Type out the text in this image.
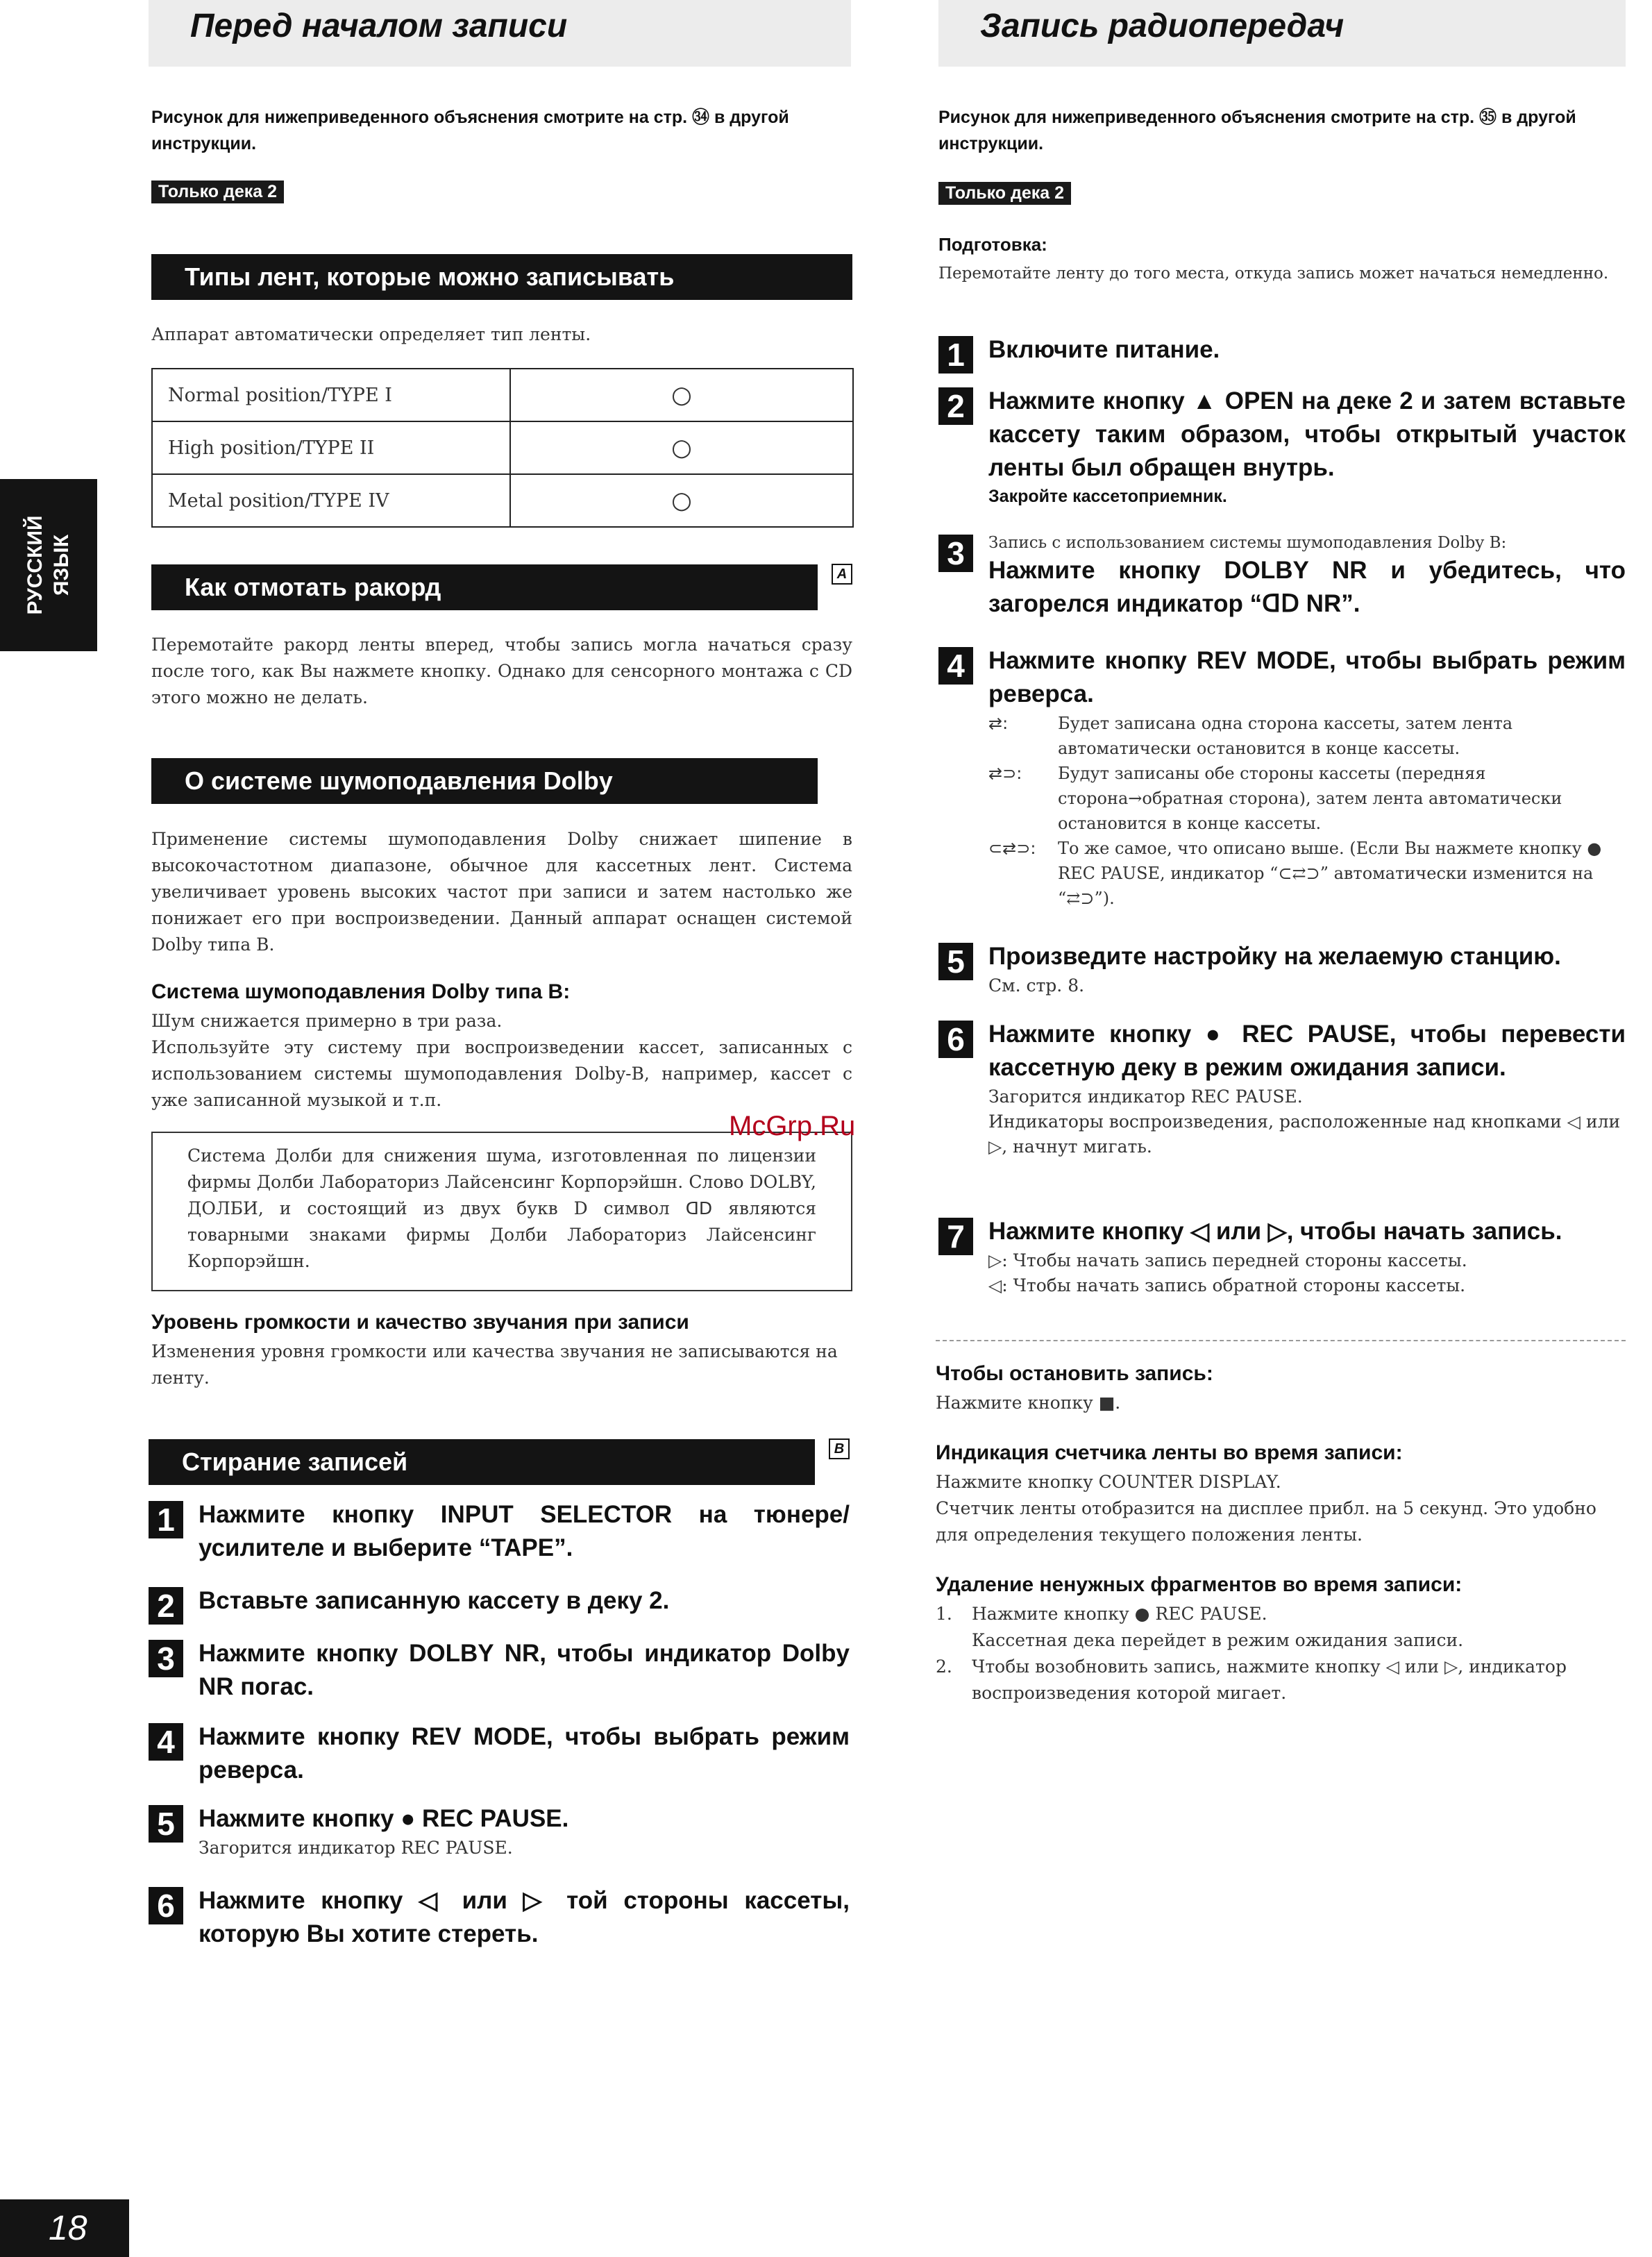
Перед началом записи	Запись радиопередач
РУССКИЙ ЯЗЫК
Рисунок для нижеприведенного объяснения смотрите на стр. ㉞ в другой инструкции.
Только дека 2
Типы лент, которые можно записывать
Аппарат автоматически определяет тип ленты.
Normal position/TYPE I	○
High position/TYPE II	○
Metal position/TYPE IV	○
Как отмотать ракорд	A
Перемотайте ракорд ленты вперед, чтобы запись могла начаться сразу после того, как Вы нажмете кнопку. Однако для сенсорного монтажа с CD этого можно не делать.
О системе шумоподавления Dolby
Применение системы шумоподавления Dolby снижает шипение в высокочастотном диапазоне, обычное для кассетных лент. Система увеличивает уровень высоких частот при записи и затем настолько же понижает его при воспроизведении. Данный аппарат оснащен системой Dolby типа B.
Система шумоподавления Dolby типа B:
Шум снижается примерно в три раза.
Используйте эту систему при воспроизведении кассет, записанных с использованием системы шумоподавления Dolby-B, например, кассет с уже записанной музыкой и т.п.
Система Долби для снижения шума, изготовленная по лицензии фирмы Долби Лабораториз Лайсенсинг Корпорэйшн. Слово DOLBY, ДОЛБИ, и состоящий из двух букв D символ ᗡᗞ являются товарными знаками фирмы Долби Лабораториз Лайсенсинг Корпорэйшн.
Уровень громкости и качество звучания при записи
Изменения уровня громкости или качества звучания не записываются на ленту.
Стирание записей	B
1 Нажмите кнопку INPUT SELECTOR на тюнере/усилителе и выберите “TAPE”.
2 Вставьте записанную кассету в деку 2.
3 Нажмите кнопку DOLBY NR, чтобы индикатор Dolby NR погас.
4 Нажмите кнопку REV MODE, чтобы выбрать режим реверса.
5 Нажмите кнопку ● REC PAUSE.
Загорится индикатор REC PAUSE.
6 Нажмите кнопку ◁ или ▷ той стороны кассеты, которую Вы хотите стереть.
Рисунок для нижеприведенного объяснения смотрите на стр. ㉟ в другой инструкции.
Только дека 2
Подготовка:
Перемотайте ленту до того места, откуда запись может начаться немедленно.
1 Включите питание.
2 Нажмите кнопку ▲ OPEN на деке 2 и затем вставьте кассету таким образом, чтобы открытый участок ленты был обращен внутрь.
Закройте кассетоприемник.
3	Запись с использованием системы шумоподавления Dolby B:
Нажмите кнопку DOLBY NR и убедитесь, что загорелся индикатор “ᗡᗞ NR”.
4 Нажмите кнопку REV MODE, чтобы выбрать режим реверса.
⇄:	Будет записана одна сторона кассеты, затем лента автоматически остановится в конце кассеты.
⇄⊃:	Будут записаны обе стороны кассеты (передняя сторона→обратная сторона), затем лента автоматически остановится в конце кассеты.
⊂⇄⊃:	То же самое, что описано выше. (Если Вы нажмете кнопку ● REC PAUSE, индикатор “⊂⇄⊃” автоматически изменится на “⇄⊃”).
5 Произведите настройку на желаемую станцию.
См. стр. 8.
6 Нажмите кнопку ● REC PAUSE, чтобы перевести кассетную деку в режим ожидания записи.
Загорится индикатор REC PAUSE.
Индикаторы воспроизведения, расположенные над кнопками ◁ или ▷, начнут мигать.
7 Нажмите кнопку ◁ или ▷, чтобы начать запись.
▷: Чтобы начать запись передней стороны кассеты.
◁: Чтобы начать запись обратной стороны кассеты.
Чтобы остановить запись:
Нажмите кнопку ■.
Индикация счетчика ленты во время записи:
Нажмите кнопку COUNTER DISPLAY.
Счетчик ленты отобразится на дисплее прибл. на 5 секунд. Это удобно для определения текущего положения ленты.
Удаление ненужных фрагментов во время записи:
1.	Нажмите кнопку ● REC PAUSE.
Кассетная дека перейдет в режим ожидания записи.
2.	Чтобы возобновить запись, нажмите кнопку ◁ или ▷, индикатор воспроизведения которой мигает.
McGrp.Ru
18
